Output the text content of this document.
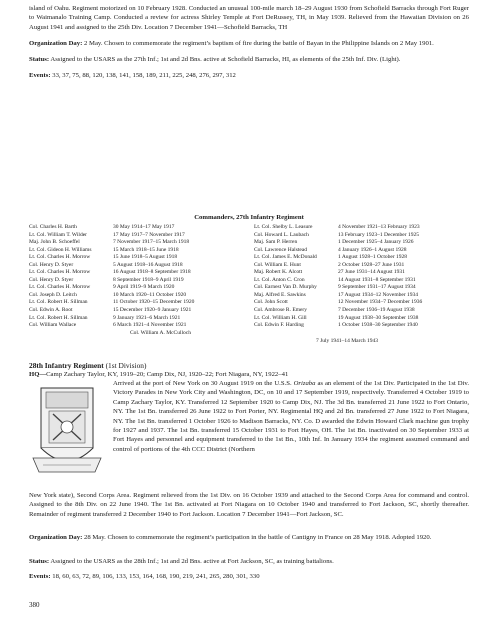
island of Oahu. Regiment motorized on 10 February 1928. Conducted an unusual 100-mile march 18–29 August 1930 from Schofield Barracks through Fort Ruger to Waimanalo Training Camp. Conducted a review for actress Shirley Temple at Fort DeRussey, TH, in May 1939. Relieved from the Hawaiian Division on 26 August 1941 and assigned to the 25th Div. Location 7 December 1941—Schofield Barracks, TH

Organization Day: 2 May. Chosen to commemorate the regiment’s baptism of fire during the battle of Bayan in the Philippine Islands on 2 May 1901.

Status: Assigned to the USARS as the 27th Inf.; 1st and 2d Bns. active at Schofield Barracks, HI, as elements of the 25th Inf. Div. (Light).

Events: 33, 37, 75, 88, 120, 138, 141, 158, 189, 211, 225, 248, 276, 297, 312

Commanders, 27th Infantry Regiment
Col. Charles H. Barth	30 May 1914–17 May 1917	Lt. Col. Shelby L. Leasure	4 November 1921–13 February 1923
Lt. Col. William T. Wilder	17 May 1917–7 November 1917	Col. Howard L. Laubach	13 February 1923–1 December 1925
Maj. John B. Schoeffel	7 November 1917–15 March 1918	Maj. Sam P. Herren	1 December 1925–4 January 1926
Lt. Col. Gideon H. Williams	15 March 1918–15 June 1918	Col. Lawrence Halstead	4 January 1926–1 August 1928
Lt. Col. Charles H. Morrow	15 June 1918–5 August 1918	Lt. Col. James E. McDonald	1 August 1928–1 October 1928
Col. Henry D. Styer	5 August 1918–16 August 1918	Col. William E. Hunt	2 October 1928–27 June 1931
Lt. Col. Charles H. Morrow	16 August 1918–8 September 1918	Maj. Robert K. Alcott	27 June 1931–14 August 1931
Col. Henry D. Styer	8 September 1918–9 April 1919	Lt. Col. Anton C. Cron	14 August 1931–8 September 1931
Lt. Col. Charles H. Morrow	9 April 1919–9 March 1920	Col. Earnest Van D. Murphy	9 September 1931–17 August 1934
Col. Joseph D. Leitch	10 March 1920–11 October 1920	Maj. Alfred E. Sawkins	17 August 1934–12 November 1934
Lt. Col. Robert H. Sillman	11 October 1920–15 December 1920	Col. John Scott	12 November 1934–7 December 1936
Col. Edwin A. Root	15 December 1920–9 January 1921	Col. Ambrose R. Emery	7 December 1936–19 August 1938
Lt. Col. Robert H. Sillman	9 January 1921–6 March 1921	Lt. Col. William H. Gill	19 August 1938–30 September 1938
Col. William Wallace	6 March 1921–4 November 1921	Col. Edwin F. Harding	1 October 1938–30 September 1940
Col. William A. McCulloch
7 July 1941–14 March 1943
28th Infantry Regiment (1st Division)
HQ—Camp Zachary Taylor, KY, 1919–20; Camp Dix, NJ, 1920–22; Fort Niagara, NY, 1922–41

Arrived at the port of New York on 30 August 1919 on the U.S.S. Orizaba as an element of the 1st Div. Participated in the 1st Div. Victory Parades in New York City and Washington, DC, on 10 and 17 September 1919, respectively. Transferred 4 October 1919 to Camp Zachary Taylor, KY. Transferred 12 September 1920 to Camp Dix, NJ. The 3d Bn. transferred 21 June 1922 to Fort Ontario, NY. The 1st Bn. transferred 26 June 1922 to Fort Porter, NY. Regimental HQ and 2d Bn. transferred 27 June 1922 to Fort Niagara, NY. The 1st Bn. transferred 1 October 1926 to Madison Barracks, NY. Co. D awarded the Edwin Howard Clark machine gun trophy for 1927 and 1937. The 1st Bn. transferred 15 October 1931 to Fort Hayes, OH. The 1st Bn. inactivated on 30 September 1933 at Fort Hayes and personnel and equipment transferred to the 1st Bn., 10th Inf. In January 1934 the regiment assumed command and control of portions of the 4th CCC District (Northern

New York state), Second Corps Area. Regiment relieved from the 1st Div. on 16 October 1939 and attached to the Second Corps Area for command and control. Assigned to the 8th Div. on 22 June 1940. The 1st Bn. activated at Fort Niagara on 10 October 1940 and transferred to Fort Jackson, SC, shortly thereafter. Remainder of regiment transferred 2 December 1940 to Fort Jackson. Location 7 December 1941—Fort Jackson, SC.

Organization Day: 28 May. Chosen to commemorate the regiment’s participation in the battle of Cantigny in France on 28 May 1918. Adopted 1920.

Status: Assigned to the USARS as the 28th Inf.; 1st and 2d Bns. active at Fort Jackson, SC, as training battalions.

Events: 18, 60, 63, 72, 89, 106, 133, 153, 164, 168, 190, 219, 241, 265, 280, 301, 330

380
